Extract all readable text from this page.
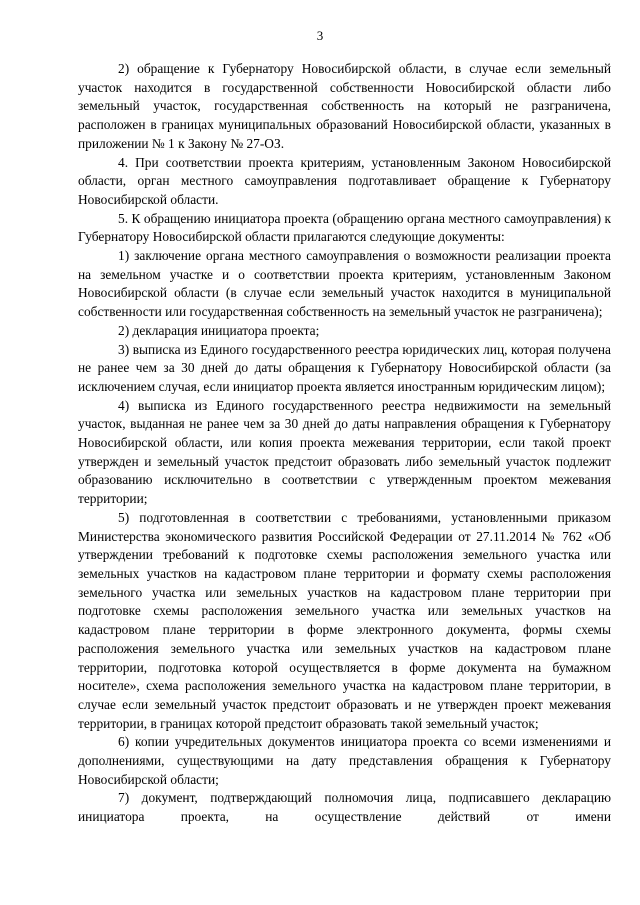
3

2) обращение к Губернатору Новосибирской области, в случае если земельный участок находится в государственной собственности Новосибирской области либо земельный участок, государственная собственность на который не разграничена, расположен в границах муниципальных образований Новосибирской области, указанных в приложении № 1 к Закону № 27-ОЗ.

4. При соответствии проекта критериям, установленным Законом Новосибирской области, орган местного самоуправления подготавливает обращение к Губернатору Новосибирской области.

5. К обращению инициатора проекта (обращению органа местного самоуправления) к Губернатору Новосибирской области прилагаются следующие документы:

1) заключение органа местного самоуправления о возможности реализации проекта на земельном участке и о соответствии проекта критериям, установленным Законом Новосибирской области (в случае если земельный участок находится в муниципальной собственности или государственная собственность на земельный участок не разграничена);

2) декларация инициатора проекта;

3) выписка из Единого государственного реестра юридических лиц, которая получена не ранее чем за 30 дней до даты обращения к Губернатору Новосибирской области (за исключением случая, если инициатор проекта является иностранным юридическим лицом);

4) выписка из Единого государственного реестра недвижимости на земельный участок, выданная не ранее чем за 30 дней до даты направления обращения к Губернатору Новосибирской области, или копия проекта межевания территории, если такой проект утвержден и земельный участок предстоит образовать либо земельный участок подлежит образованию исключительно в соответствии с утвержденным проектом межевания территории;

5) подготовленная в соответствии с требованиями, установленными приказом Министерства экономического развития Российской Федерации от 27.11.2014 № 762 «Об утверждении требований к подготовке схемы расположения земельного участка или земельных участков на кадастровом плане территории и формату схемы расположения земельного участка или земельных участков на кадастровом плане территории при подготовке схемы расположения земельного участка или земельных участков на кадастровом плане территории в форме электронного документа, формы схемы расположения земельного участка или земельных участков на кадастровом плане территории, подготовка которой осуществляется в форме документа на бумажном носителе», схема расположения земельного участка на кадастровом плане территории, в случае если земельный участок предстоит образовать и не утвержден проект межевания территории, в границах которой предстоит образовать такой земельный участок;

6) копии учредительных документов инициатора проекта со всеми изменениями и дополнениями, существующими на дату представления обращения к Губернатору Новосибирской области;

7) документ, подтверждающий полномочия лица, подписавшего декларацию инициатора проекта, на осуществление действий от имени
